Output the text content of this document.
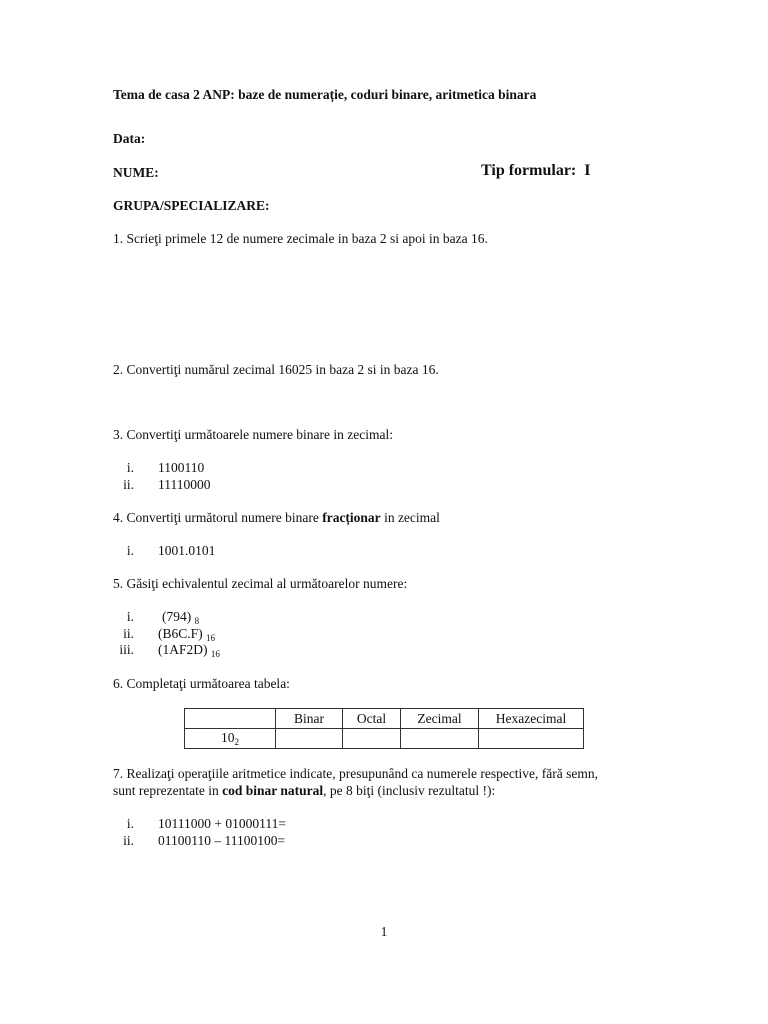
Tema de casa 2 ANP: baze de numerație, coduri binare, aritmetica binara
Data:
NUME:	Tip formular: I
GRUPA/SPECIALIZARE:
1. Scrieţi primele 12 de numere zecimale in baza 2 si apoi in baza 16.
2. Convertiţi numărul zecimal 16025 in baza 2 si in baza 16.
3. Convertiţi următoarele numere binare in zecimal:
i. 1100110
ii. 11110000
4. Convertiţi următorul numere binare fracționar in zecimal
i. 1001.0101
5. Găsiţi echivalentul zecimal al următoarelor numere:
i. (794) $_8$
ii. (B6C.F) $_{16}$
iii. (1AF2D) $_{16}$
6. Completaţi următoarea tabela:
	Binar	Octal	Zecimal	Hexazecimal
$10_2$				
7. Realizaţi operaţiile aritmetice indicate, presupunând ca numerele respective, fără semn,
sunt reprezentate in cod binar natural, pe 8 biţi (inclusiv rezultatul !):
i. 10111000 + 01000111=
ii. 01100110 – 11100100=
1
